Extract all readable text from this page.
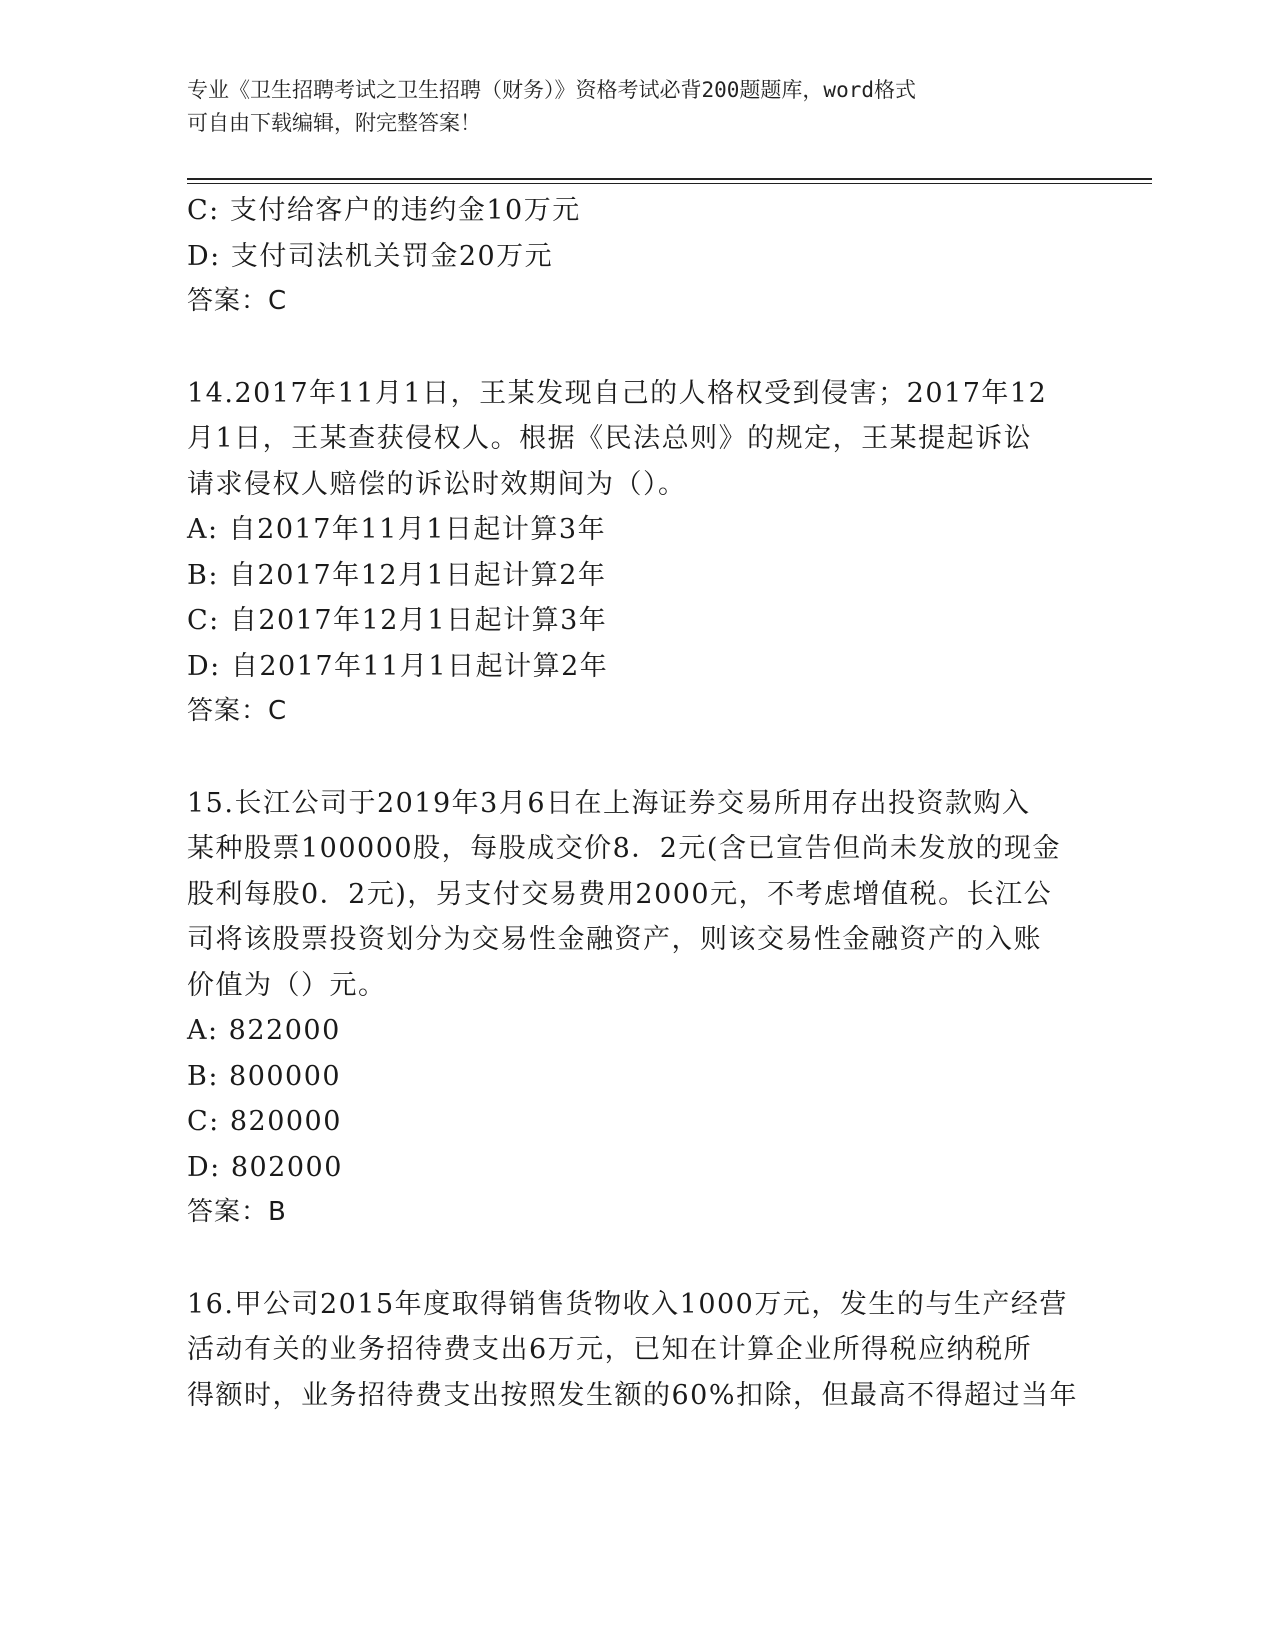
专业《卫生招聘考试之卫生招聘（财务）》资格考试必背200题题库，word格式
可自由下载编辑，附完整答案！
C: 支付给客户的违约金10万元
D: 支付司法机关罚金20万元
答案：C
14.2017年11月1日，王某发现自己的人格权受到侵害；2017年12
月1日，王某查获侵权人。根据《民法总则》的规定，王某提起诉讼
请求侵权人赔偿的诉讼时效期间为（）。
A: 自2017年11月1日起计算3年
B: 自2017年12月1日起计算2年
C: 自2017年12月1日起计算3年
D: 自2017年11月1日起计算2年
答案：C
15.长江公司于2019年3月6日在上海证券交易所用存出投资款购入
某种股票100000股，每股成交价8．2元(含已宣告但尚未发放的现金
股利每股0．2元)，另支付交易费用2000元，不考虑增值税。长江公
司将该股票投资划分为交易性金融资产，则该交易性金融资产的入账
价值为（）元。
A: 822000
B: 800000
C: 820000
D: 802000
答案：B
16.甲公司2015年度取得销售货物收入1000万元，发生的与生产经营
活动有关的业务招待费支出6万元，已知在计算企业所得税应纳税所
得额时，业务招待费支出按照发生额的60%扣除，但最高不得超过当年
